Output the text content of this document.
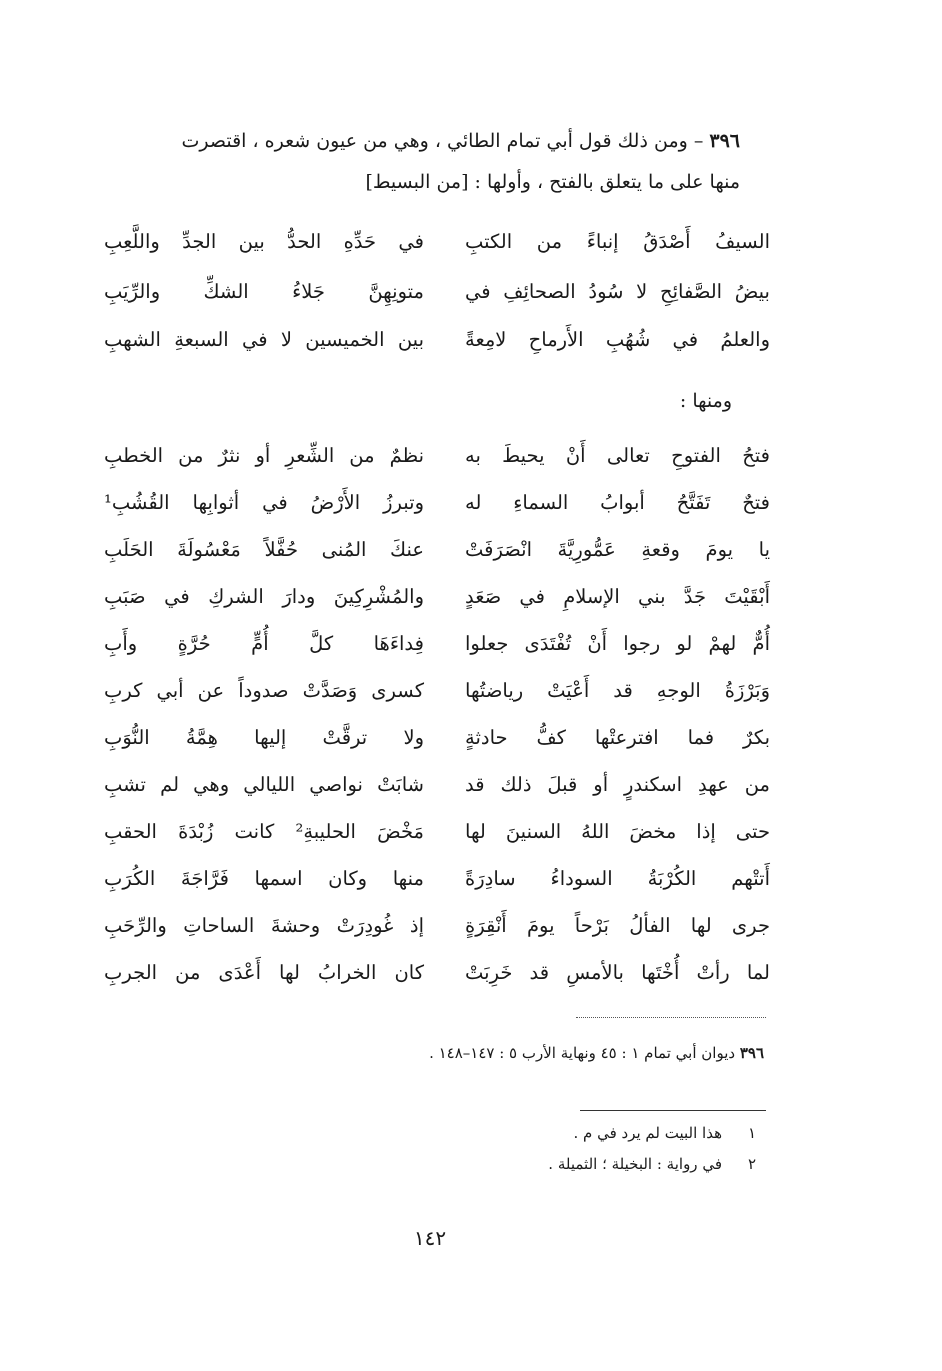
٣٩٦ – ومن ذلك قول أبي تمام الطائي ، وهي من عيون شعره ، اقتصرت
منها على ما يتعلق بالفتح ، وأولها : [من البسيط]
السيفُ أَصْدَقُ إنباءً من الكتبِ
في حَدِّهِ الحدُّ بين الجدِّ واللَّعِبِ
بيضُ الصَّفائِحِ لا سُودُ الصحائِفِ في
متونِهِنَّ جَلاءُ الشكِّ والرِّيَبِ
والعلمُ في شُهُبِ الأَرماحِ لامِعةً
بين الخميسين لا في السبعةِ الشهبِ
ومنها :
فتحُ الفتوحِ تعالى أَنْ يحيطَ به
نظمٌ من الشِّعرِ أو نثرٌ من الخطبِ
فتحٌ تَفَتَّحُ أبوابُ السماءِ له
وتبرزُ الأَرْضُ في أثوابِها القُشُبِ¹
يا يومَ وقعةِ عَمُّورِيَّةَ انْصَرَفَتْ
عنكَ المُنى حُفَّلاً مَعْسُولَةَ الحَلَبِ
أَبْقَيْتَ جَدَّ بني الإسلامِ في صَعَدٍ
والمُشْرِكِينَ ودارَ الشركِ في صَبَبِ
أُمٌّ لهمْ لو رجوا أَنْ تُفْتَدَى جعلوا
فِداءَهَا كلَّ أُمٍّ حُرَّةٍ وأَبِ
وَبَرْزَةُ الوجهِ قد أَعْيَتْ رياضتُها
كسرى وَصَدَّتْ صدوداً عن أبي كربِ
بكرٌ فما افترعتْها كفُّ حادثةٍ
ولا ترقَّتْ إليها هِمَّةُ النُّوَبِ
من عهدِ اسكندرٍ أو قبلَ ذلك قد
شابَتْ نواصي الليالي وهي لم تشبِ
حتى إذا مخضَ اللهُ السنينَ لها
مَخْضَ الحليبةِ² كانت زُبْدَةَ الحقبِ
أَتتْهم الكُرْبَةُ السوداءُ سادِرَةً
منها وكان اسمها فَرَّاجَةَ الكُرَبِ
جرى لها الفألُ بَرْحاً يومَ أَنْقِرَةٍ
إذ غُودِرَتْ وحشةَ الساحاتِ والرِّحَبِ
لما رأتْ أُخْتَها بالأمسِ قد خَرِبَتْ
كان الخرابُ لها أَعْدَى من الجربِ
٣٩٦ ديوان أبي تمام ١ : ٤٥ ونهاية الأرب ٥ : ١٤٧–١٤٨ .
١هذا البيت لم يرد في م .
٢في رواية : البخيلة ؛ الثميلة .
١٤٢
